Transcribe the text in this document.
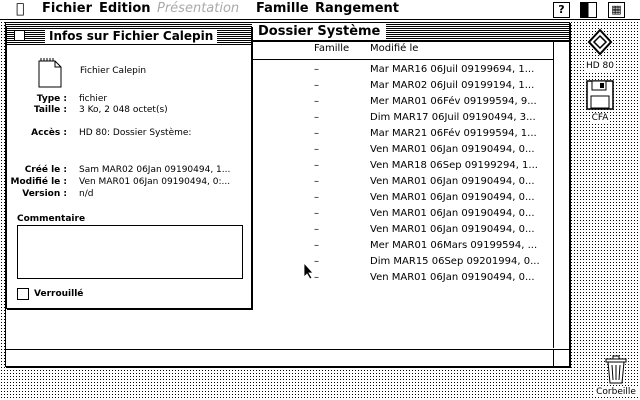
Fichier Edition Présentation Famille Rangement	?	▦
Dossier Système
Famille Modifié le
–	Mar MAR16 06Juil 09199694, 1...
–	Mar MAR02 06Juil 09199194, 1...
–	Mer MAR01 06Fév 09199594, 9...
–	Dim MAR17 06Juil 09190494, 3...
–	Mar MAR21 06Fév 09199594, 1...
–	Ven MAR01 06Jan 09190494, 0...
–	Ven MAR18 06Sep 09199294, 1...
–	Ven MAR01 06Jan 09190494, 0...
–	Ven MAR01 06Jan 09190494, 0...
–	Ven MAR01 06Jan 09190494, 0...
–	Ven MAR01 06Jan 09190494, 0...
–	Mer MAR01 06Mars 09199594, ...
–	Dim MAR15 06Sep 09201994, 0...
–	Ven MAR01 06Jan 09190494, 0...
Infos sur Fichier Calepin
Fichier Calepin
Type : fichier
Taille : 3 Ko, 2 048 octet(s)
Accès : HD 80: Dossier Système:
Créé le : Sam MAR02 06Jan 09190494, 1...
Modifié le : Ven MAR01 06Jan 09190494, 0:...
Version : n/d
Commentaire
Verrouillé

HD 80

CFA

Corbeille
